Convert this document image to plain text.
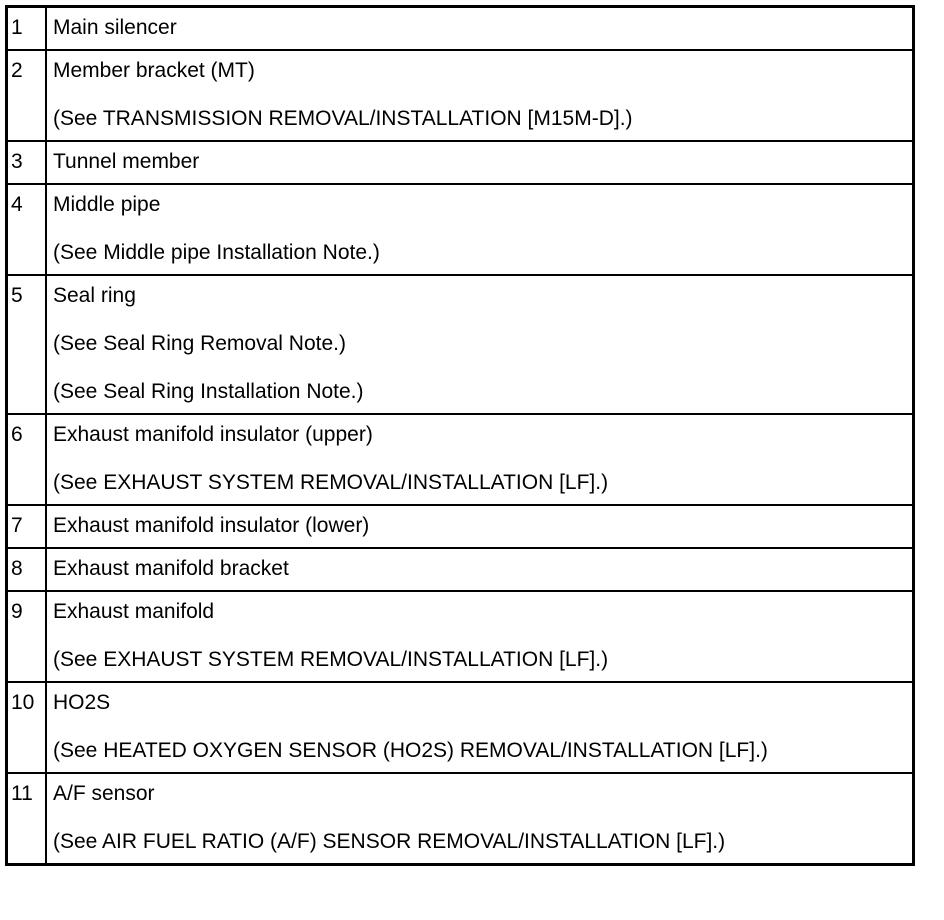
1	Main silencer

2	Member bracket (MT)
(See TRANSMISSION REMOVAL/INSTALLATION [M15M-D].)

3	Tunnel member

4	Middle pipe
(See Middle pipe Installation Note.)

5	Seal ring
(See Seal Ring Removal Note.)
(See Seal Ring Installation Note.)

6	Exhaust manifold insulator (upper)
(See EXHAUST SYSTEM REMOVAL/INSTALLATION [LF].)

7	Exhaust manifold insulator (lower)

8	Exhaust manifold bracket

9	Exhaust manifold
(See EXHAUST SYSTEM REMOVAL/INSTALLATION [LF].)

10	HO2S
(See HEATED OXYGEN SENSOR (HO2S) REMOVAL/INSTALLATION [LF].)

11	A/F sensor
(See AIR FUEL RATIO (A/F) SENSOR REMOVAL/INSTALLATION [LF].)
